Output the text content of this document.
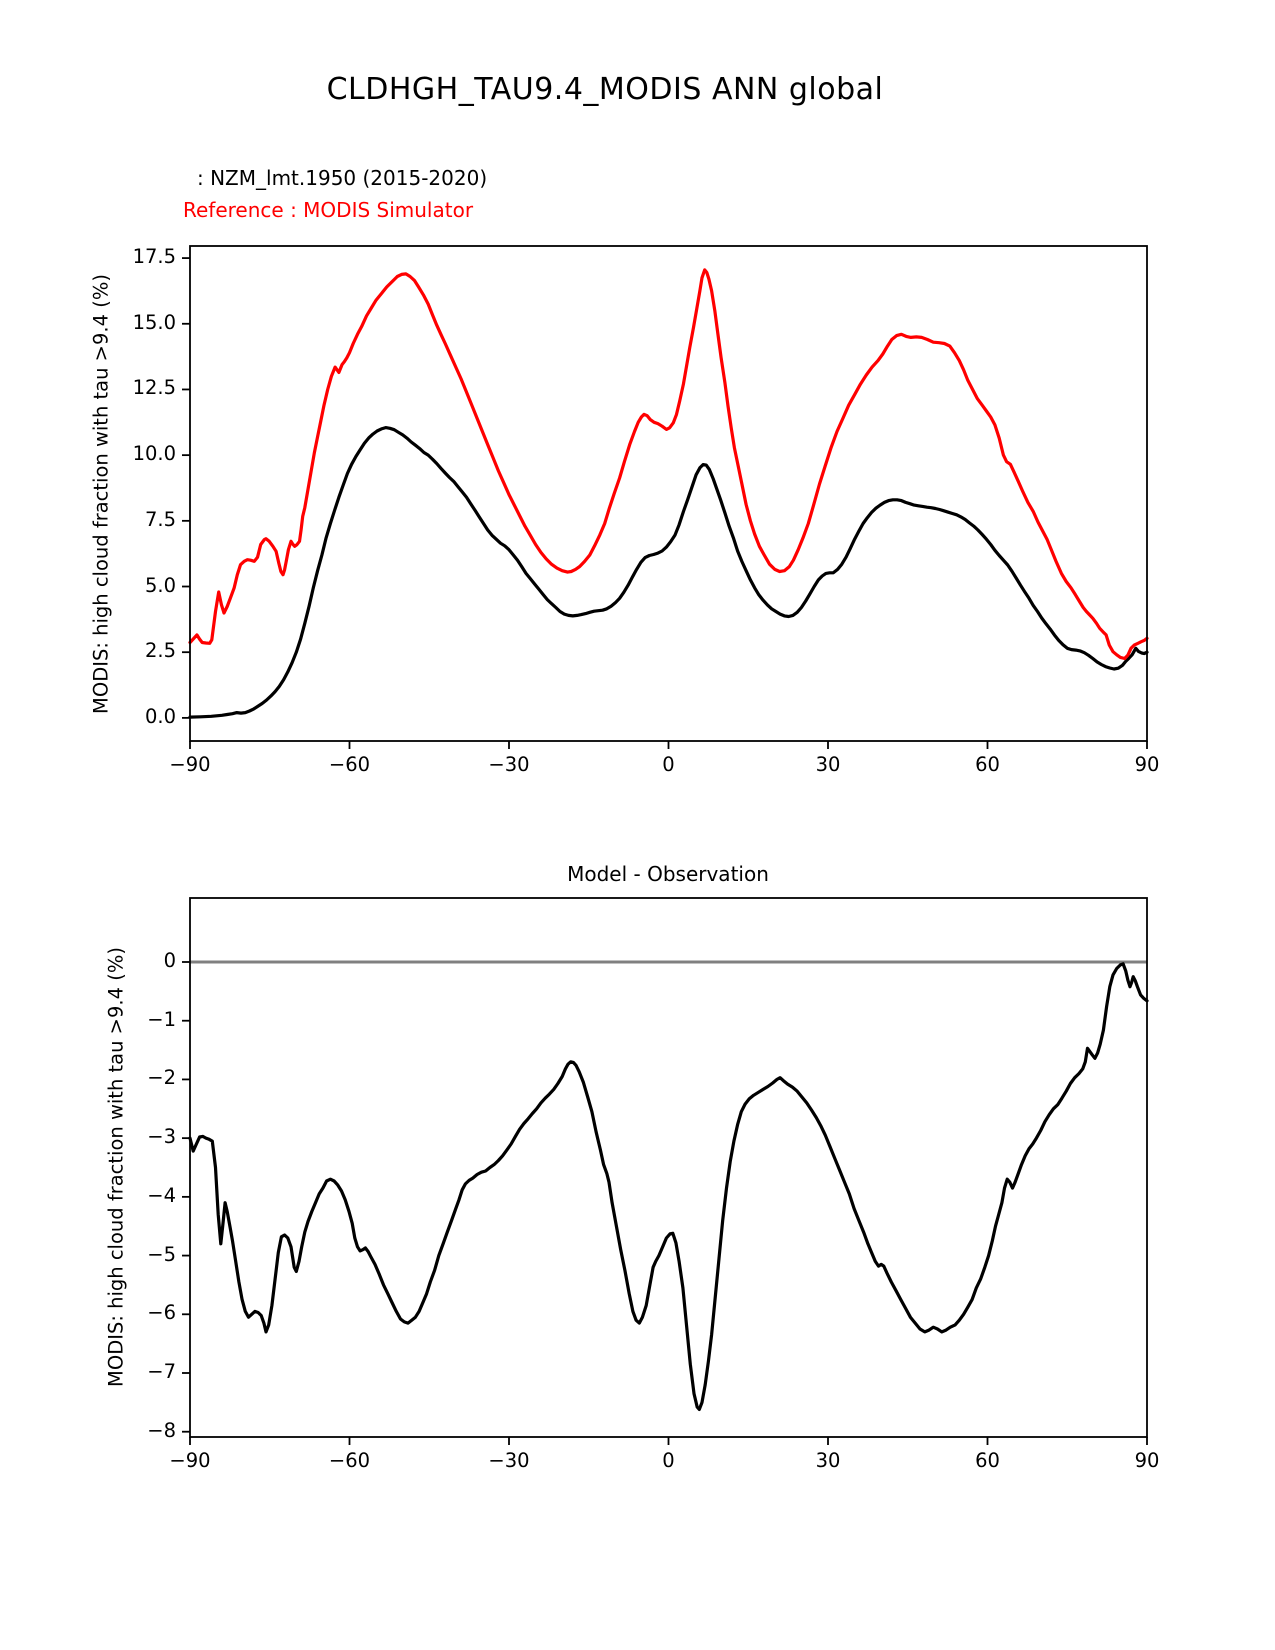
CLDHGH_TAU9.4_MODIS ANN global
: NZM_lmt.1950 (2015-2020)
Reference : MODIS Simulator
MODIS: high cloud fraction with tau >9.4 (%)
Model - Observation
MODIS: high cloud fraction with tau >9.4 (%)
−90	−60	−30	0	30	60	90
0.0
2.5
5.0
7.5
10.0
12.5
15.0
17.5
−90	−60	−30	0	30	60	90
0
−1
−2
−3
−4
−5
−6
−7
−8
